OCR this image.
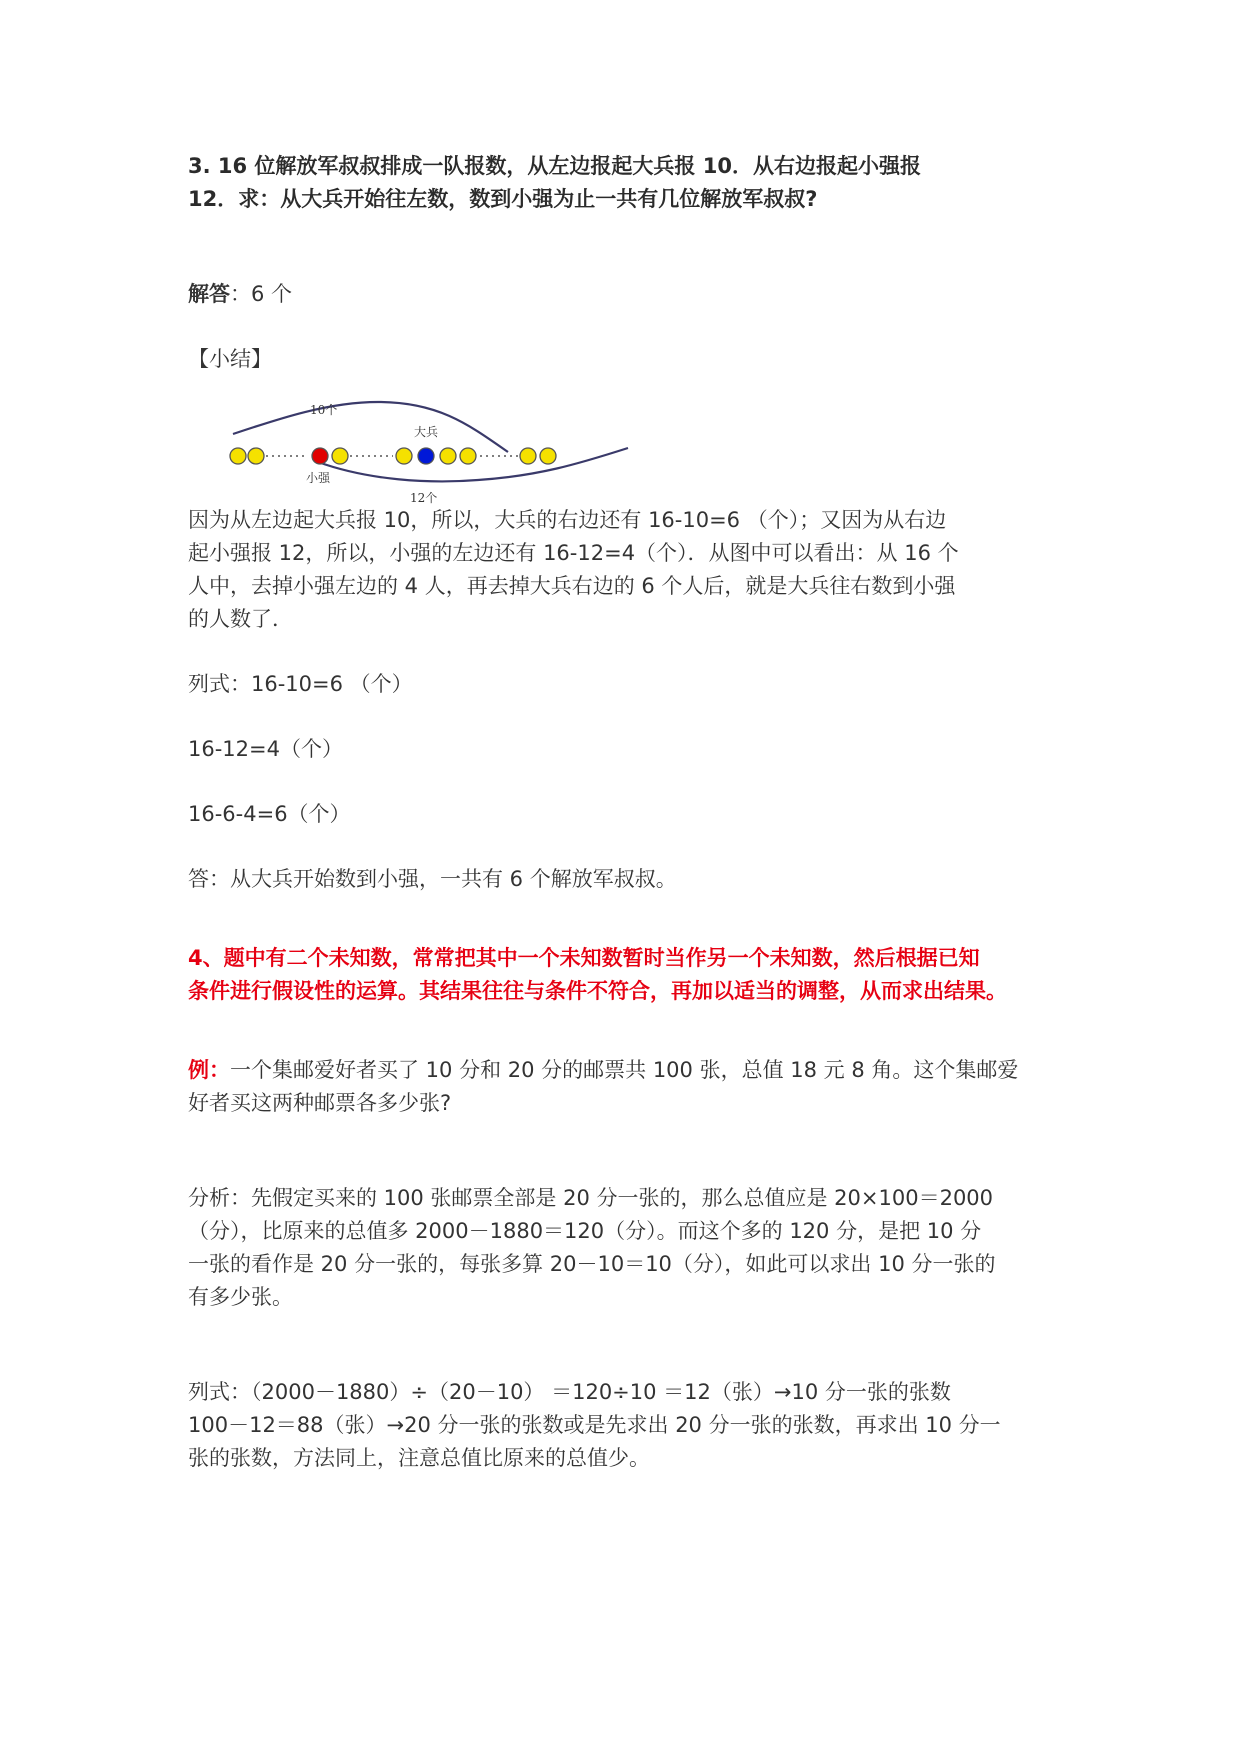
3. 16 位解放军叔叔排成一队报数，从左边报起大兵报 10．从右边报起小强报

12．求：从大兵开始往左数，数到小强为止一共有几位解放军叔叔?

解答：6 个

【小结】

10个
大兵
小强
12个

因为从左边起大兵报 10，所以，大兵的右边还有 16-10=6 （个）；又因为从右边

起小强报 12，所以，小强的左边还有 16-12=4（个）．从图中可以看出：从 16 个

人中，去掉小强左边的 4 人，再去掉大兵右边的 6 个人后，就是大兵往右数到小强

的人数了．

列式：16-10=6 （个）

16-12=4（个）

16-6-4=6（个）

答：从大兵开始数到小强，一共有 6 个解放军叔叔。

4、题中有二个未知数，常常把其中一个未知数暂时当作另一个未知数，然后根据已知

条件进行假设性的运算。其结果往往与条件不符合，再加以适当的调整，从而求出结果。

例：一个集邮爱好者买了 10 分和 20 分的邮票共 100 张，总值 18 元 8 角。这个集邮爱

好者买这两种邮票各多少张?

分析：先假定买来的 100 张邮票全部是 20 分一张的，那么总值应是 20×100＝2000

（分），比原来的总值多 2000－1880＝120（分）。而这个多的 120 分，是把 10 分

一张的看作是 20 分一张的，每张多算 20－10＝10（分），如此可以求出 10 分一张的

有多少张。

列式：（2000－1880）÷（20－10） ＝120÷10 ＝12（张）→10 分一张的张数

100－12＝88（张）→20 分一张的张数或是先求出 20 分一张的张数，再求出 10 分一

张的张数，方法同上，注意总值比原来的总值少。
